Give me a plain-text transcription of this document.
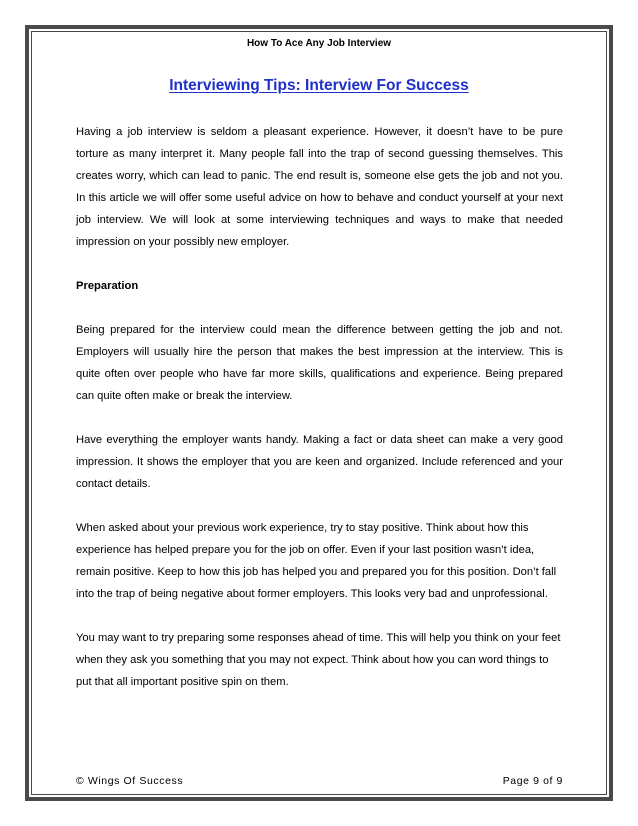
How To Ace Any Job Interview
Interviewing Tips: Interview For Success

Having a job interview is seldom a pleasant experience. However, it doesn’t have to be pure torture as many interpret it. Many people fall into the trap of second guessing themselves. This creates worry, which can lead to panic. The end result is, someone else gets the job and not you. In this article we will offer some useful advice on how to behave and conduct yourself at your next job interview. We will look at some interviewing techniques and ways to make that needed impression on your possibly new employer.

Preparation

Being prepared for the interview could mean the difference between getting the job and not. Employers will usually hire the person that makes the best impression at the interview. This is quite often over people who have far more skills, qualifications and experience. Being prepared can quite often make or break the interview.

Have everything the employer wants handy. Making a fact or data sheet can make a very good impression. It shows the employer that you are keen and organized. Include referenced and your contact details.

When asked about your previous work experience, try to stay positive. Think about how this experience has helped prepare you for the job on offer. Even if your last position wasn’t idea, remain positive. Keep to how this job has helped you and prepared you for this position. Don’t fall into the trap of being negative about former employers. This looks very bad and unprofessional.

You may want to try preparing some responses ahead of time. This will help you think on your feet when they ask you something that you may not expect. Think about how you can word things to put that all important positive spin on them.

© Wings Of Success	Page 9 of 9
